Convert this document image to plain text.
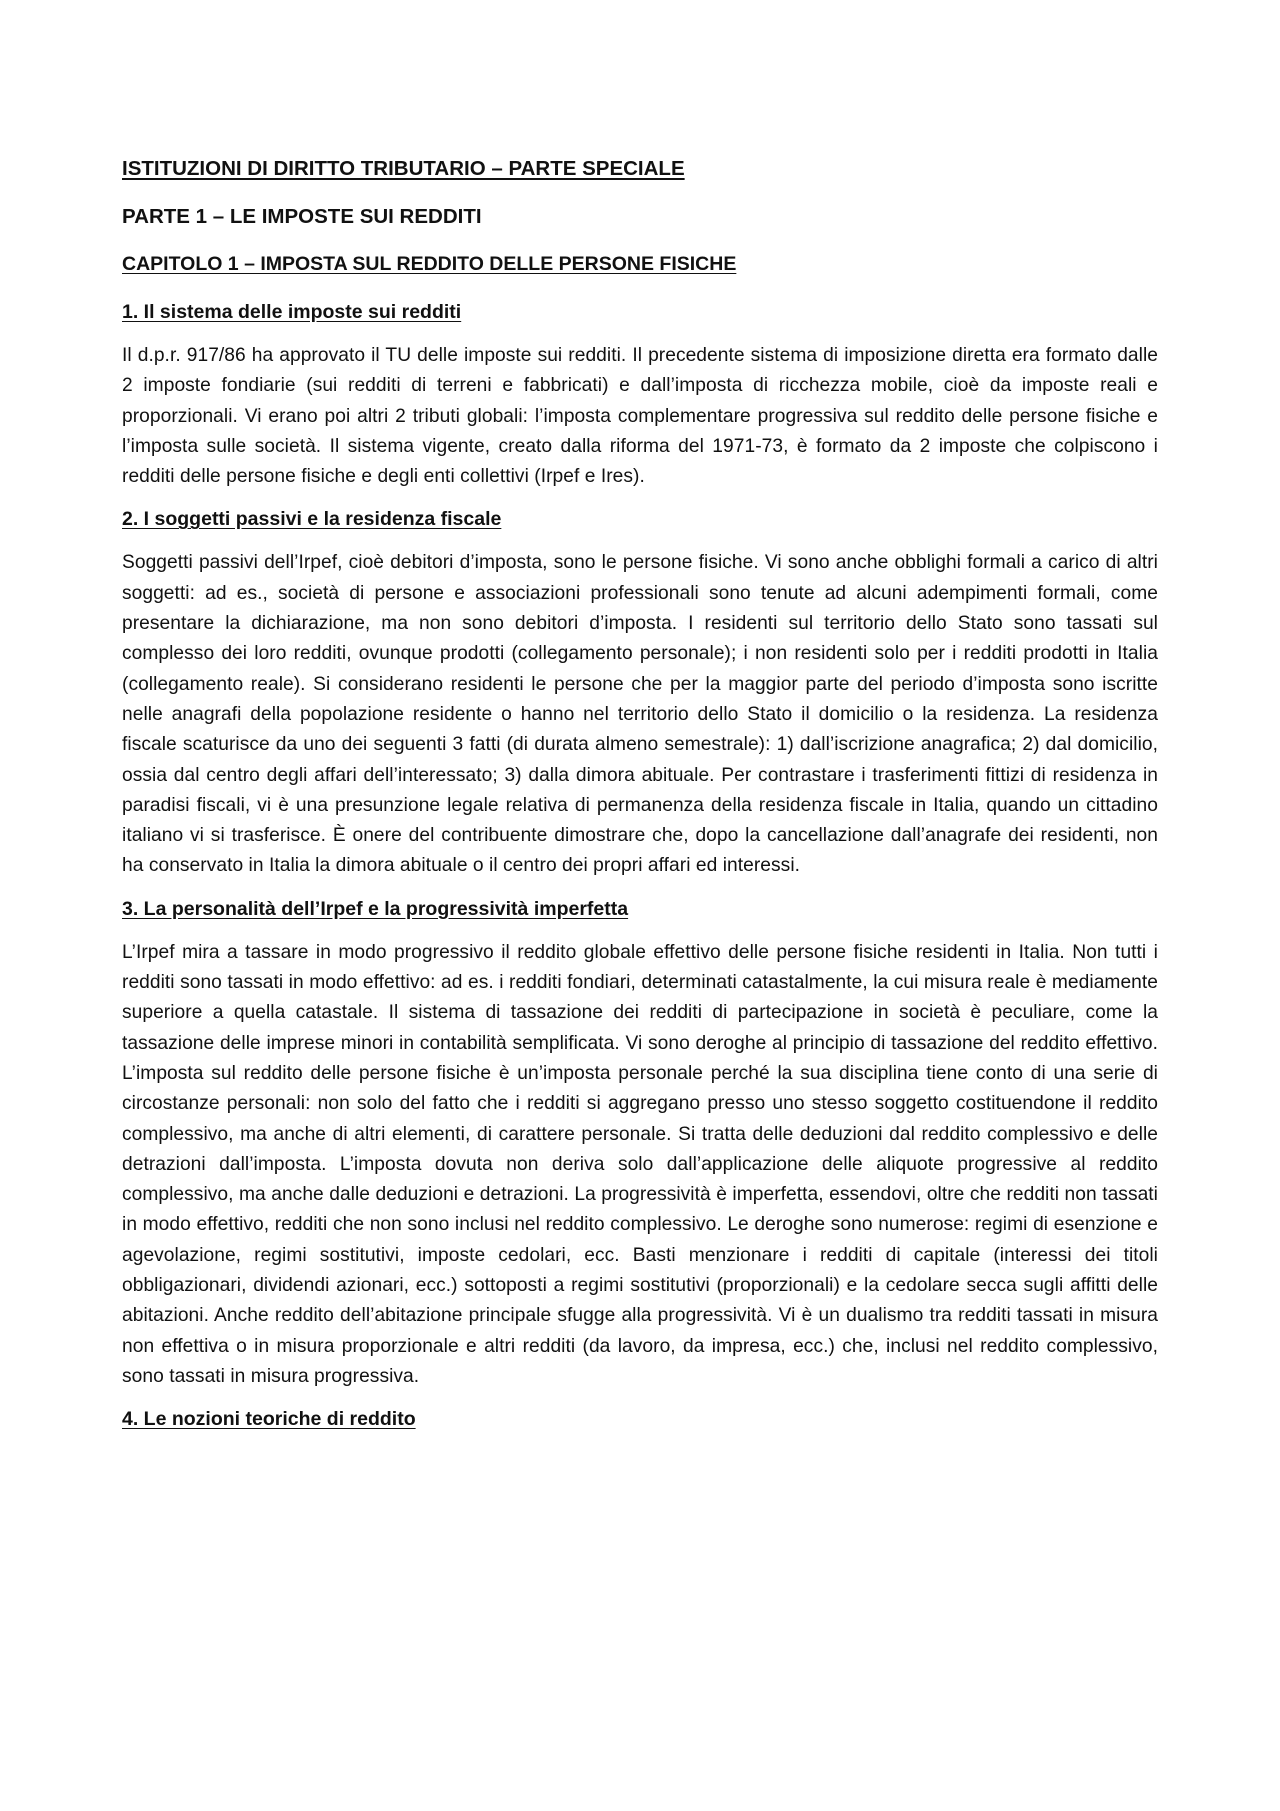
ISTITUZIONI DI DIRITTO TRIBUTARIO – PARTE SPECIALE

PARTE 1 – LE IMPOSTE SUI REDDITI

CAPITOLO 1 – IMPOSTA SUL REDDITO DELLE PERSONE FISICHE

1. Il sistema delle imposte sui redditi

Il d.p.r. 917/86 ha approvato il TU delle imposte sui redditi. Il precedente sistema di imposizione diretta era formato dalle 2 imposte fondiarie (sui redditi di terreni e fabbricati) e dall’imposta di ricchezza mobile, cioè da imposte reali e proporzionali. Vi erano poi altri 2 tributi globali: l’imposta complementare progressiva sul reddito delle persone fisiche e l’imposta sulle società. Il sistema vigente, creato dalla riforma del 1971-73, è formato da 2 imposte che colpiscono i redditi delle persone fisiche e degli enti collettivi (Irpef e Ires).

2. I soggetti passivi e la residenza fiscale

Soggetti passivi dell’Irpef, cioè debitori d’imposta, sono le persone fisiche. Vi sono anche obblighi formali a carico di altri soggetti: ad es., società di persone e associazioni professionali sono tenute ad alcuni adempimenti formali, come presentare la dichiarazione, ma non sono debitori d’imposta. I residenti sul territorio dello Stato sono tassati sul complesso dei loro redditi, ovunque prodotti (collegamento personale); i non residenti solo per i redditi prodotti in Italia (collegamento reale). Si considerano residenti le persone che per la maggior parte del periodo d’imposta sono iscritte nelle anagrafi della popolazione residente o hanno nel territorio dello Stato il domicilio o la residenza. La residenza fiscale scaturisce da uno dei seguenti 3 fatti (di durata almeno semestrale): 1) dall’iscrizione anagrafica; 2) dal domicilio, ossia dal centro degli affari dell’interessato; 3) dalla dimora abituale. Per contrastare i trasferimenti fittizi di residenza in paradisi fiscali, vi è una presunzione legale relativa di permanenza della residenza fiscale in Italia, quando un cittadino italiano vi si trasferisce. È onere del contribuente dimostrare che, dopo la cancellazione dall’anagrafe dei residenti, non ha conservato in Italia la dimora abituale o il centro dei propri affari ed interessi.

3. La personalità dell’Irpef e la progressività imperfetta

L’Irpef mira a tassare in modo progressivo il reddito globale effettivo delle persone fisiche residenti in Italia. Non tutti i redditi sono tassati in modo effettivo: ad es. i redditi fondiari, determinati catastalmente, la cui misura reale è mediamente superiore a quella catastale. Il sistema di tassazione dei redditi di partecipazione in società è peculiare, come la tassazione delle imprese minori in contabilità semplificata. Vi sono deroghe al principio di tassazione del reddito effettivo. L’imposta sul reddito delle persone fisiche è un’imposta personale perché la sua disciplina tiene conto di una serie di circostanze personali: non solo del fatto che i redditi si aggregano presso uno stesso soggetto costituendone il reddito complessivo, ma anche di altri elementi, di carattere personale. Si tratta delle deduzioni dal reddito complessivo e delle detrazioni dall’imposta. L’imposta dovuta non deriva solo dall’applicazione delle aliquote progressive al reddito complessivo, ma anche dalle deduzioni e detrazioni. La progressività è imperfetta, essendovi, oltre che redditi non tassati in modo effettivo, redditi che non sono inclusi nel reddito complessivo. Le deroghe sono numerose: regimi di esenzione e agevolazione, regimi sostitutivi, imposte cedolari, ecc. Basti menzionare i redditi di capitale (interessi dei titoli obbligazionari, dividendi azionari, ecc.) sottoposti a regimi sostitutivi (proporzionali) e la cedolare secca sugli affitti delle abitazioni. Anche reddito dell’abitazione principale sfugge alla progressività. Vi è un dualismo tra redditi tassati in misura non effettiva o in misura proporzionale e altri redditi (da lavoro, da impresa, ecc.) che, inclusi nel reddito complessivo, sono tassati in misura progressiva.

4. Le nozioni teoriche di reddito
